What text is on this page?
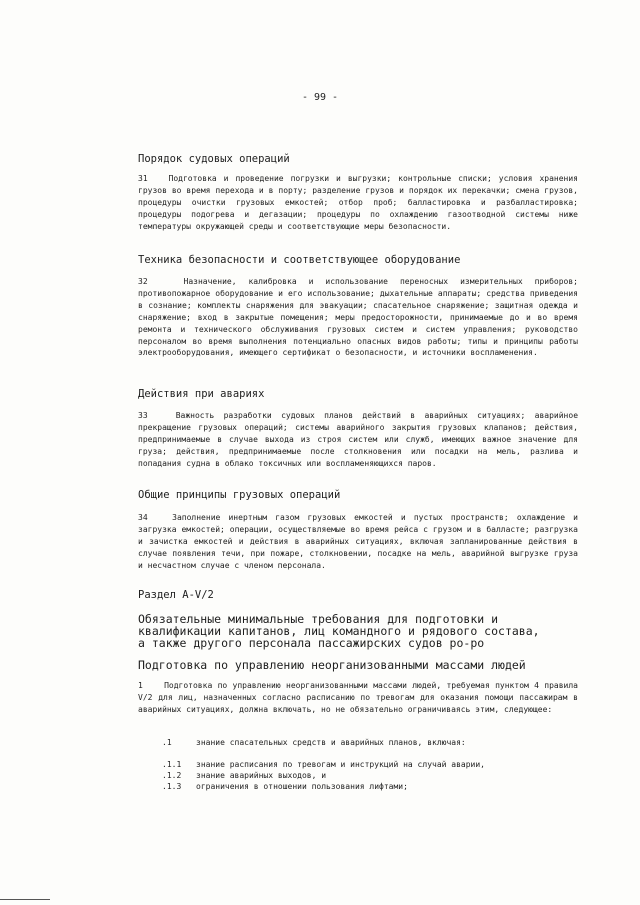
- 99 -
Порядок судовых операций

31	Подготовка и проведение погрузки и выгрузки; контрольные списки; условия хранения грузов во время перехода и в порту; разделение грузов и порядок их перекачки; смена грузов, процедуры очистки грузовых емкостей; отбор проб; балластировка и разбалластировка; процедуры подогрева и дегазации; процедуры по охлаждению газоотводной системы ниже температуры окружающей среды и соответствующие меры безопасности.

Техника безопасности и соответствующее оборудование

32	Назначение, калибровка и использование переносных измерительных приборов; противопожарное оборудование и его использование; дыхательные аппараты; средства приведения в сознание; комплекты снаряжения для эвакуации; спасательное снаряжение; защитная одежда и снаряжение; вход в закрытые помещения; меры предосторожности, принимаемые до и во время ремонта и технического обслуживания грузовых систем и систем управления; руководство персоналом во время выполнения потенциально опасных видов работы; типы и принципы работы электрооборудования, имеющего сертификат о безопасности, и источники воспламенения.

Действия при авариях

33	Важность разработки судовых планов действий в аварийных ситуациях; аварийное прекращение грузовых операций; системы аварийного закрытия грузовых клапанов; действия, предпринимаемые в случае выхода из строя систем или служб, имеющих важное значение для груза; действия, предпринимаемые после столкновения или посадки на мель, разлива и попадания судна в облако токсичных или воспламеняющихся паров.

Общие принципы грузовых операций

34	Заполнение инертным газом грузовых емкостей и пустых пространств; охлаждение и загрузка емкостей; операции, осуществляемые во время рейса с грузом и в балласте; разгрузка и зачистка емкостей и действия в аварийных ситуациях, включая запланированные действия в случае появления течи, при пожаре, столкновении, посадке на мель, аварийной выгрузке груза и несчастном случае с членом персонала.

Раздел A-V/2
Обязательные минимальные требования для подготовки и
квалификации капитанов, лиц командного и рядового состава,
а также другого персонала пассажирских судов ро-ро
Подготовка по управлению неорганизованными массами людей

1	Подготовка по управлению неорганизованными массами людей, требуемая пунктом 4 правила V/2 для лиц, назначенных согласно расписанию по тревогам для оказания помощи пассажирам в аварийных ситуациях, должна включать, но не обязательно ограничиваясь этим, следующее:

.1	знание спасательных средств и аварийных планов, включая:
.1.1 знание расписания по тревогам и инструкций на случай аварии,
.1.2 знание аварийных выходов, и
.1.3 ограничения в отношении пользования лифтами;
